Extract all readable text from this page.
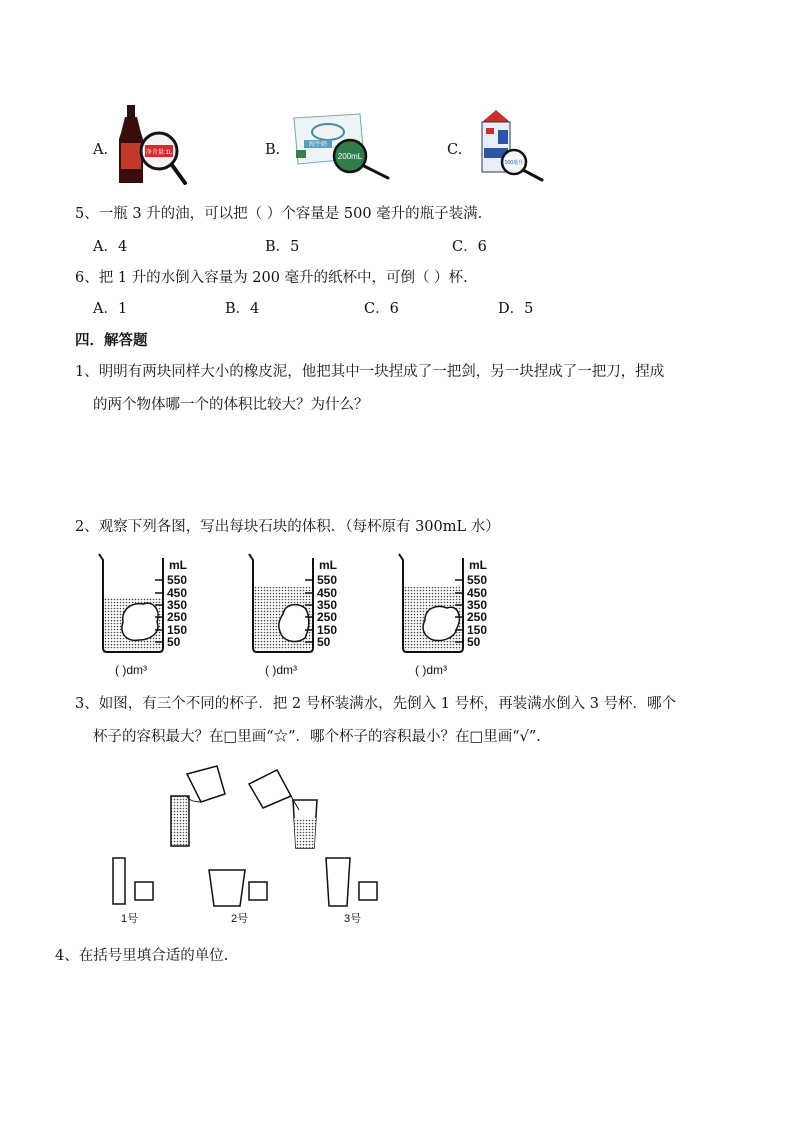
A.	净含量:1L	B.	纯牛奶
200mL	C.
500毫升
5、一瓶 3 升的油，可以把（ ）个容量是 500 毫升的瓶子装满.
A．4	B．5	C．6
6、把 1 升的水倒入容量为 200 毫升的纸杯中，可倒（ ）杯.
A．1	B．4	C．6	D．5
四．解答题
1、明明有两块同样大小的橡皮泥，他把其中一块捏成了一把剑，另一块捏成了一把刀，捏成
的两个物体哪一个的体积比较大？为什么？
2、观察下列各图，写出每块石块的体积．（每杯原有 300mL 水）
550
450
350
250
150
50
mL
( )dm³
550
450
350
250
150
50
mL
( )dm³
550
450
350
250
150
50
mL
( )dm³
3、如图，有三个不同的杯子．把 2 号杯装满水，先倒入 1 号杯，再装满水倒入 3 号杯．哪个
杯子的容积最大？在□里画“☆”．哪个杯子的容积最小？在□里画“√”．
1号	2号	3号
4、在括号里填合适的单位.
